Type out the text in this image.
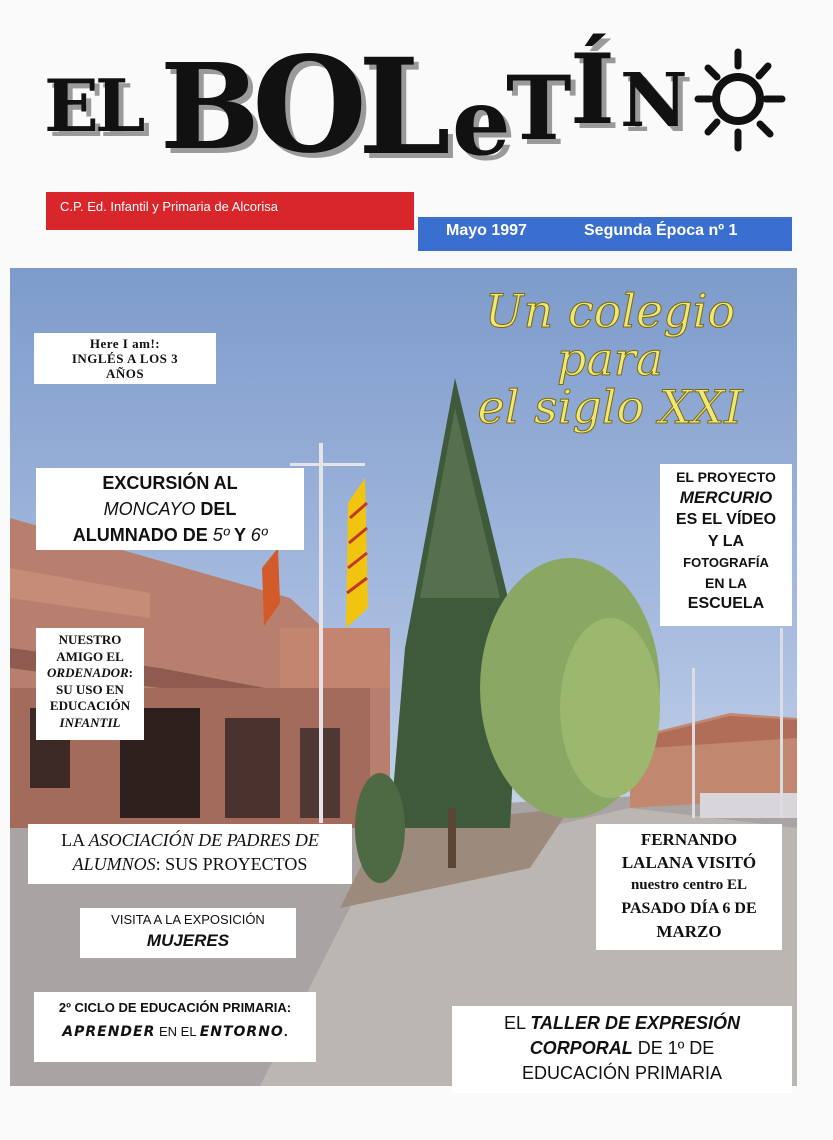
EL B
O
L e
T
Í N
C.P. Ed. Infantil y Primaria de Alcorisa
Mayo 1997	Segunda Época nº 1
Un colegio para
el siglo XXI
Here I am!:
INGLÉS A LOS 3
AÑOS
EXCURSIÓN AL
MONCAYO DEL
ALUMNADO DE 5º Y 6º
EL PROYECTO
MERCURIO
ES EL VÍDEO
Y LA
FOTOGRAFÍA
EN LA
ESCUELA
NUESTRO
AMIGO EL
ORDENADOR:
SU USO EN
EDUCACIÓN
INFANTIL
LA ASOCIACIÓN DE PADRES DE
ALUMNOS: SUS PROYECTOS
FERNANDO
LALANA VISITÓ
nuestro centro EL
PASADO DÍA 6 DE
MARZO
VISITA A LA EXPOSICIÓN
MUJERES
2º CICLO DE EDUCACIÓN PRIMARIA:
APRENDER EN EL ENTORNO.	EL TALLER DE EXPRESIÓN
CORPORAL DE 1º DE
EDUCACIÓN PRIMARIA
